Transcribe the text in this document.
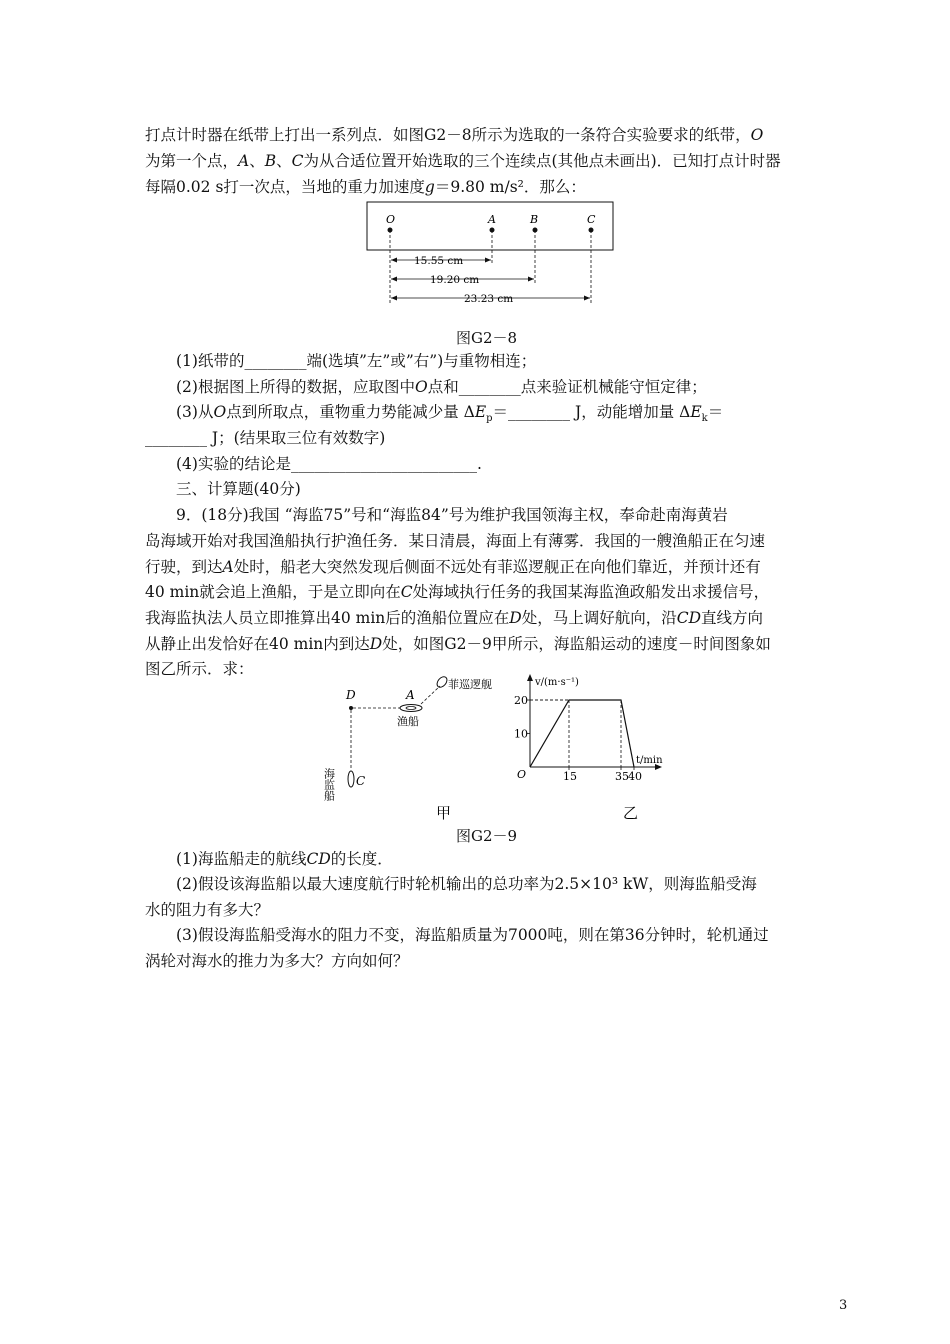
打点计时器在纸带上打出一系列点．如图G2－8所示为选取的一条符合实验要求的纸带，O
为第一个点，A、B、C为从合适位置开始选取的三个连续点(其他点未画出)．已知打点计时器
每隔0.02 s打一次点，当地的重力加速度g＝9.80 m/s²．那么：
O	A	B	C
15.55 cm
19.20 cm
23.23 cm
图G2－8
(1)纸带的________端(选填”左”或”右”)与重物相连；
(2)根据图上所得的数据，应取图中O点和________点来验证机械能守恒定律；
(3)从O点到所取点，重物重力势能减少量 $\Delta E_p=\_\_\_\_\_\_\_\_$ J，动能增加量 $\Delta E_k=$
________ J；(结果取三位有效数字)
(4)实验的结论是________________________.
三、计算题(40分)
9．(18分)我国 “海监75”号和“海监84”号为维护我国领海主权，奉命赴南海黄岩
岛海域开始对我国渔船执行护渔任务．某日清晨，海面上有薄雾．我国的一艘渔船正在匀速
行驶，到达A处时，船老大突然发现后侧面不远处有菲巡逻舰正在向他们靠近，并预计还有
40 min就会追上渔船，于是立即向在C处海域执行任务的我国某海监渔政船发出求援信号，
我海监执法人员立即推算出40 min后的渔船位置应在D处，马上调好航向，沿CD直线方向
从静止出发恰好在40 min内到达D处，如图G2－9甲所示，海监船运动的速度－时间图象如
图乙所示．求：
D	A
渔船
菲巡逻舰
C
海监船
甲
v/(m·s⁻¹)
t/min
O
10
20
15	35 40
乙
图G2－9
(1)海监船走的航线CD的长度．
(2)假设该海监船以最大速度航行时轮机输出的总功率为2.5×10³ kW，则海监船受海
水的阻力有多大？
(3)假设海监船受海水的阻力不变，海监船质量为7000吨，则在第36分钟时，轮机通过
涡轮对海水的推力为多大？方向如何？
3
